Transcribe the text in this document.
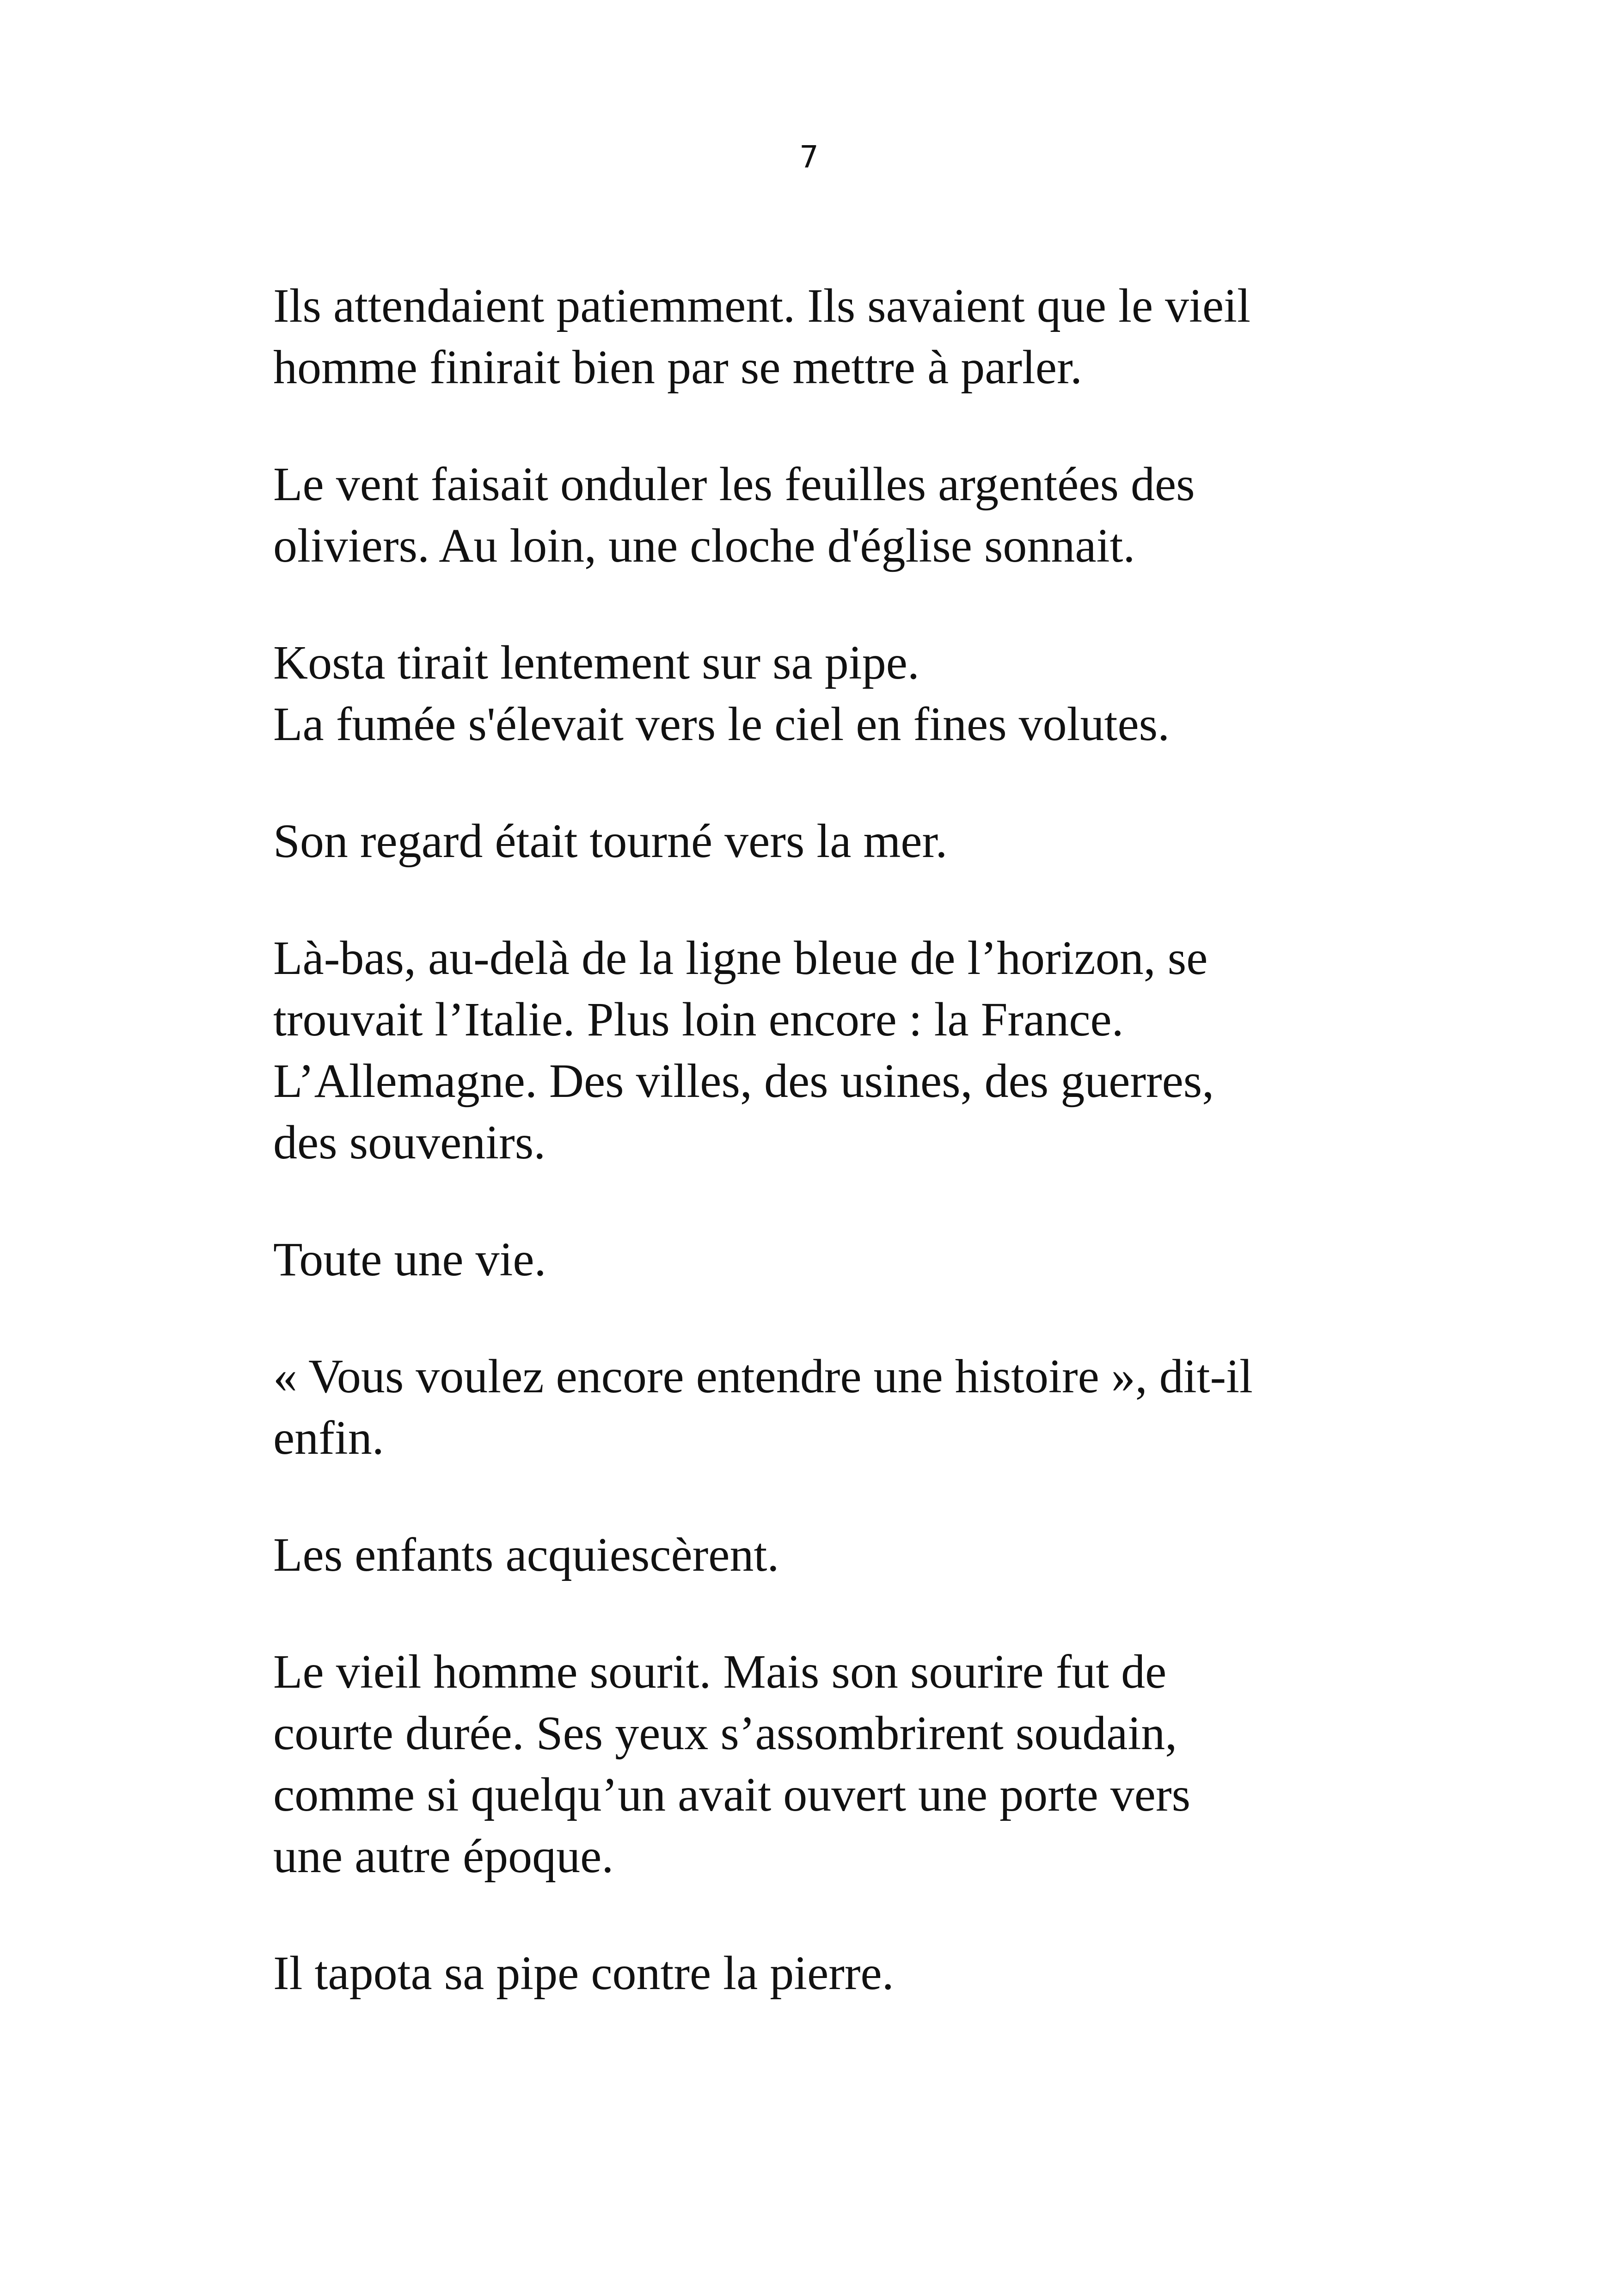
7

Ils attendaient patiemment. Ils savaient que le vieil
homme finirait bien par se mettre à parler.

Le vent faisait onduler les feuilles argentées des
oliviers. Au loin, une cloche d'église sonnait.

Kosta tirait lentement sur sa pipe.
La fumée s'élevait vers le ciel en fines volutes.

Son regard était tourné vers la mer.

Là-bas, au-delà de la ligne bleue de l’horizon, se
trouvait l’Italie. Plus loin encore : la France.
L’Allemagne. Des villes, des usines, des guerres,
des souvenirs.

Toute une vie.

« Vous voulez encore entendre une histoire », dit-il
enfin.

Les enfants acquiescèrent.

Le vieil homme sourit. Mais son sourire fut de
courte durée. Ses yeux s’assombrirent soudain,
comme si quelqu’un avait ouvert une porte vers
une autre époque.

Il tapota sa pipe contre la pierre.
